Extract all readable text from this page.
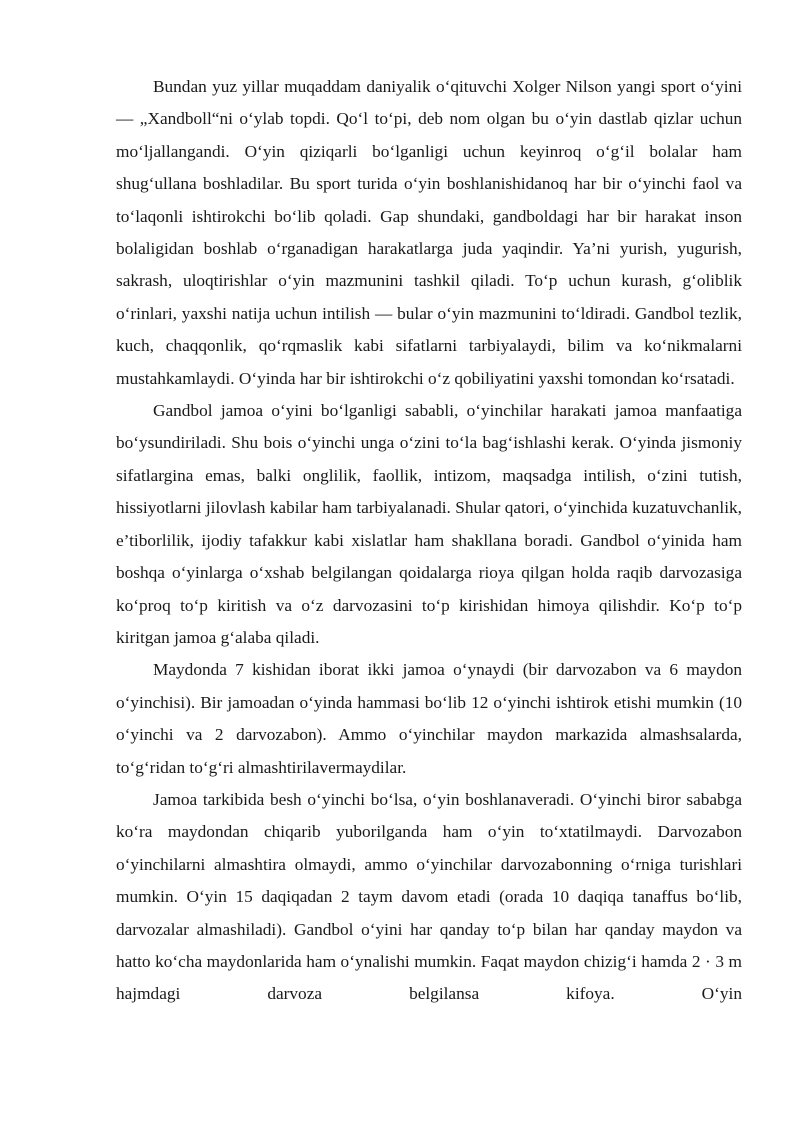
Bundan yuz yillar muqaddam daniyalik o‘qituvchi Xolger Nilson yangi sport o‘yini — „Xandboll“ni o‘ylab topdi. Qo‘l to‘pi, deb nom olgan bu o‘yin dastlab qizlar uchun mo‘ljallangandi. O‘yin qiziqarli bo‘lganligi uchun keyinroq o‘g‘il bolalar ham shug‘ullana boshladilar. Bu sport turida o‘yin boshlanishidanoq har bir o‘yinchi faol va to‘laqonli ishtirokchi bo‘lib qoladi. Gap shundaki, gandboldagi har bir harakat inson bolaligidan boshlab o‘rganadigan harakatlarga juda yaqindir. Ya’ni yurish, yugurish, sakrash, uloqtirishlar o‘yin mazmunini tashkil qiladi. To‘p uchun kurash, g‘oliblik o‘rinlari, yaxshi natija uchun intilish — bular o‘yin mazmunini to‘ldiradi. Gandbol tezlik, kuch, chaqqonlik, qo‘rqmaslik kabi sifatlarni tarbiyalaydi, bilim va ko‘nikmalarni mustahkamlaydi. O‘yinda har bir ishtirokchi o‘z qobiliyatini yaxshi tomondan ko‘rsatadi.

Gandbol jamoa o‘yini bo‘lganligi sababli, o‘yinchilar harakati jamoa manfaatiga bo‘ysundiriladi. Shu bois o‘yinchi unga o‘zini to‘la bag‘ishlashi kerak. O‘yinda jismoniy sifatlargina emas, balki onglilik, faollik, intizom, maqsadga intilish, o‘zini tutish, hissiyotlarni jilovlash kabilar ham tarbiyalanadi. Shular qatori, o‘yinchida kuzatuvchanlik, e’tiborlilik, ijodiy tafakkur kabi xislatlar ham shakllana boradi. Gandbol o‘yinida ham boshqa o‘yinlarga o‘xshab belgilangan qoidalarga rioya qilgan holda raqib darvozasiga ko‘proq to‘p kiritish va o‘z darvozasini to‘p kirishidan himoya qilishdir. Ko‘p to‘p kiritgan jamoa g‘alaba qiladi.

Maydonda 7 kishidan iborat ikki jamoa o‘ynaydi (bir darvozabon va 6 maydon o‘yinchisi). Bir jamoadan o‘yinda hammasi bo‘lib 12 o‘yinchi ishtirok etishi mumkin (10 o‘yinchi va 2 darvozabon). Ammo o‘yinchilar maydon markazida almashsalarda, to‘g‘ridan to‘g‘ri almashtirilavermaydilar.

Jamoa tarkibida besh o‘yinchi bo‘lsa, o‘yin boshlanaveradi. O‘yinchi biror sababga ko‘ra maydondan chiqarib yuborilganda ham o‘yin to‘xtatilmaydi. Darvozabon o‘yinchilarni almashtira olmaydi, ammo o‘yinchilar darvozabonning o‘rniga turishlari mumkin. O‘yin 15 daqiqadan 2 taym davom etadi (orada 10 daqiqa tanaffus bo‘lib, darvozalar almashiladi). Gandbol o‘yini har qanday to‘p bilan har qanday maydon va hatto ko‘cha maydonlarida ham o‘ynalishi mumkin. Faqat maydon chizig‘i hamda 2 · 3 m hajmdagi darvoza belgilansa kifoya. O‘yin
